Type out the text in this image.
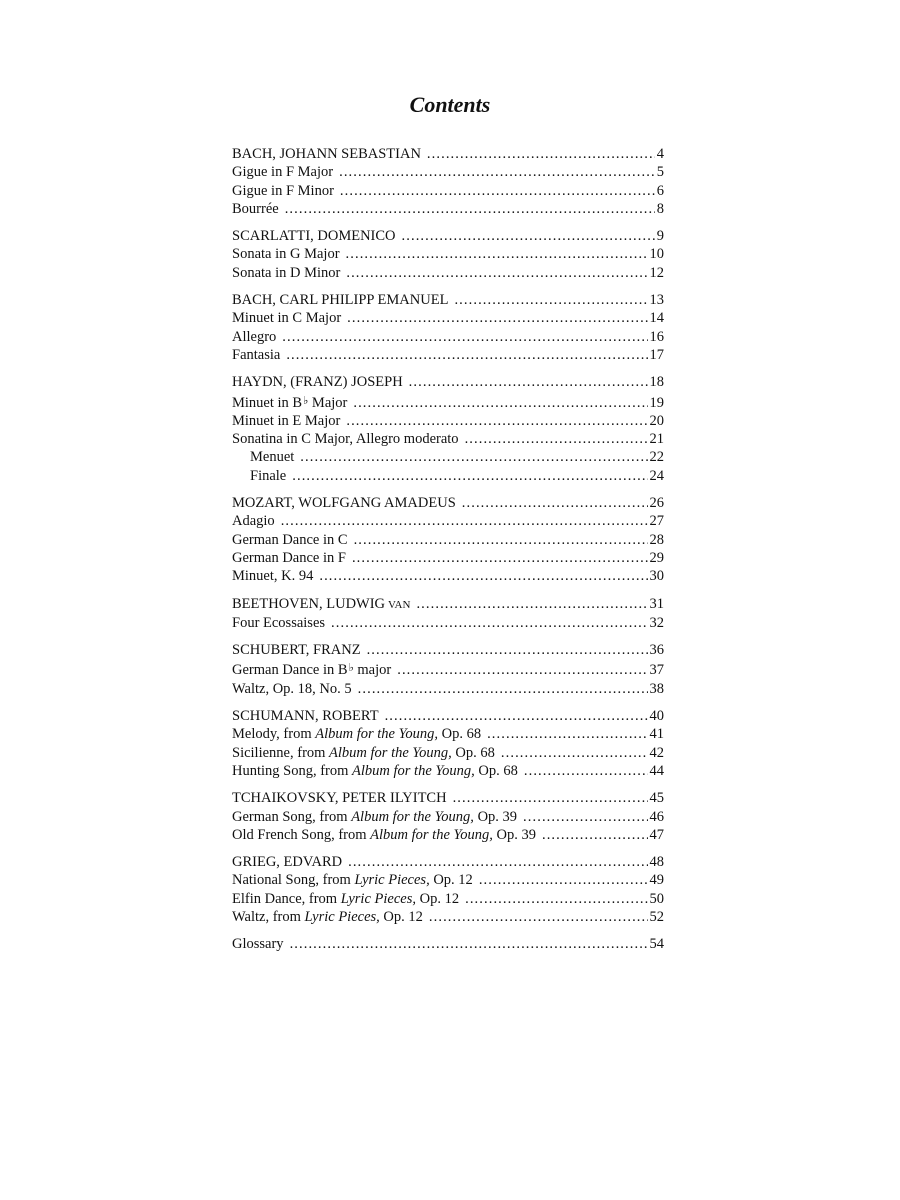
Contents
BACH, JOHANN SEBASTIAN .....	4
Gigue in F Major .....	5
Gigue in F Minor .....	6
Bourrée .....	8
SCARLATTI, DOMENICO .....	9
Sonata in G Major .....	10
Sonata in D Minor .....	12
BACH, CARL PHILIPP EMANUEL .....	13
Minuet in C Major .....	14
Allegro .....	16
Fantasia .....	17
HAYDN, (FRANZ) JOSEPH .....	18
Minuet in B♭ Major .....	19
Minuet in E Major .....	20
Sonatina in C Major, Allegro moderato .....	21
Menuet .....	22
Finale .....	24
MOZART, WOLFGANG AMADEUS .....	26
Adagio .....	27
German Dance in C .....	28
German Dance in F .....	29
Minuet, K. 94 .....	30
BEETHOVEN, LUDWIG VAN .....	31
Four Ecossaises .....	32
SCHUBERT, FRANZ .....	36
German Dance in B♭ major .....	37
Waltz, Op. 18, No. 5 .....	38
SCHUMANN, ROBERT .....	40
Melody, from Album for the Young, Op. 68 .....	41
Sicilienne, from Album for the Young, Op. 68 .....	42
Hunting Song, from Album for the Young, Op. 68 .....	44
TCHAIKOVSKY, PETER ILYITCH .....	45
German Song, from Album for the Young, Op. 39 .....	46
Old French Song, from Album for the Young, Op. 39 .....	47
GRIEG, EDVARD .....	48
National Song, from Lyric Pieces, Op. 12 .....	49
Elfin Dance, from Lyric Pieces, Op. 12 .....	50
Waltz, from Lyric Pieces, Op. 12 .....	52
Glossary .....	54
